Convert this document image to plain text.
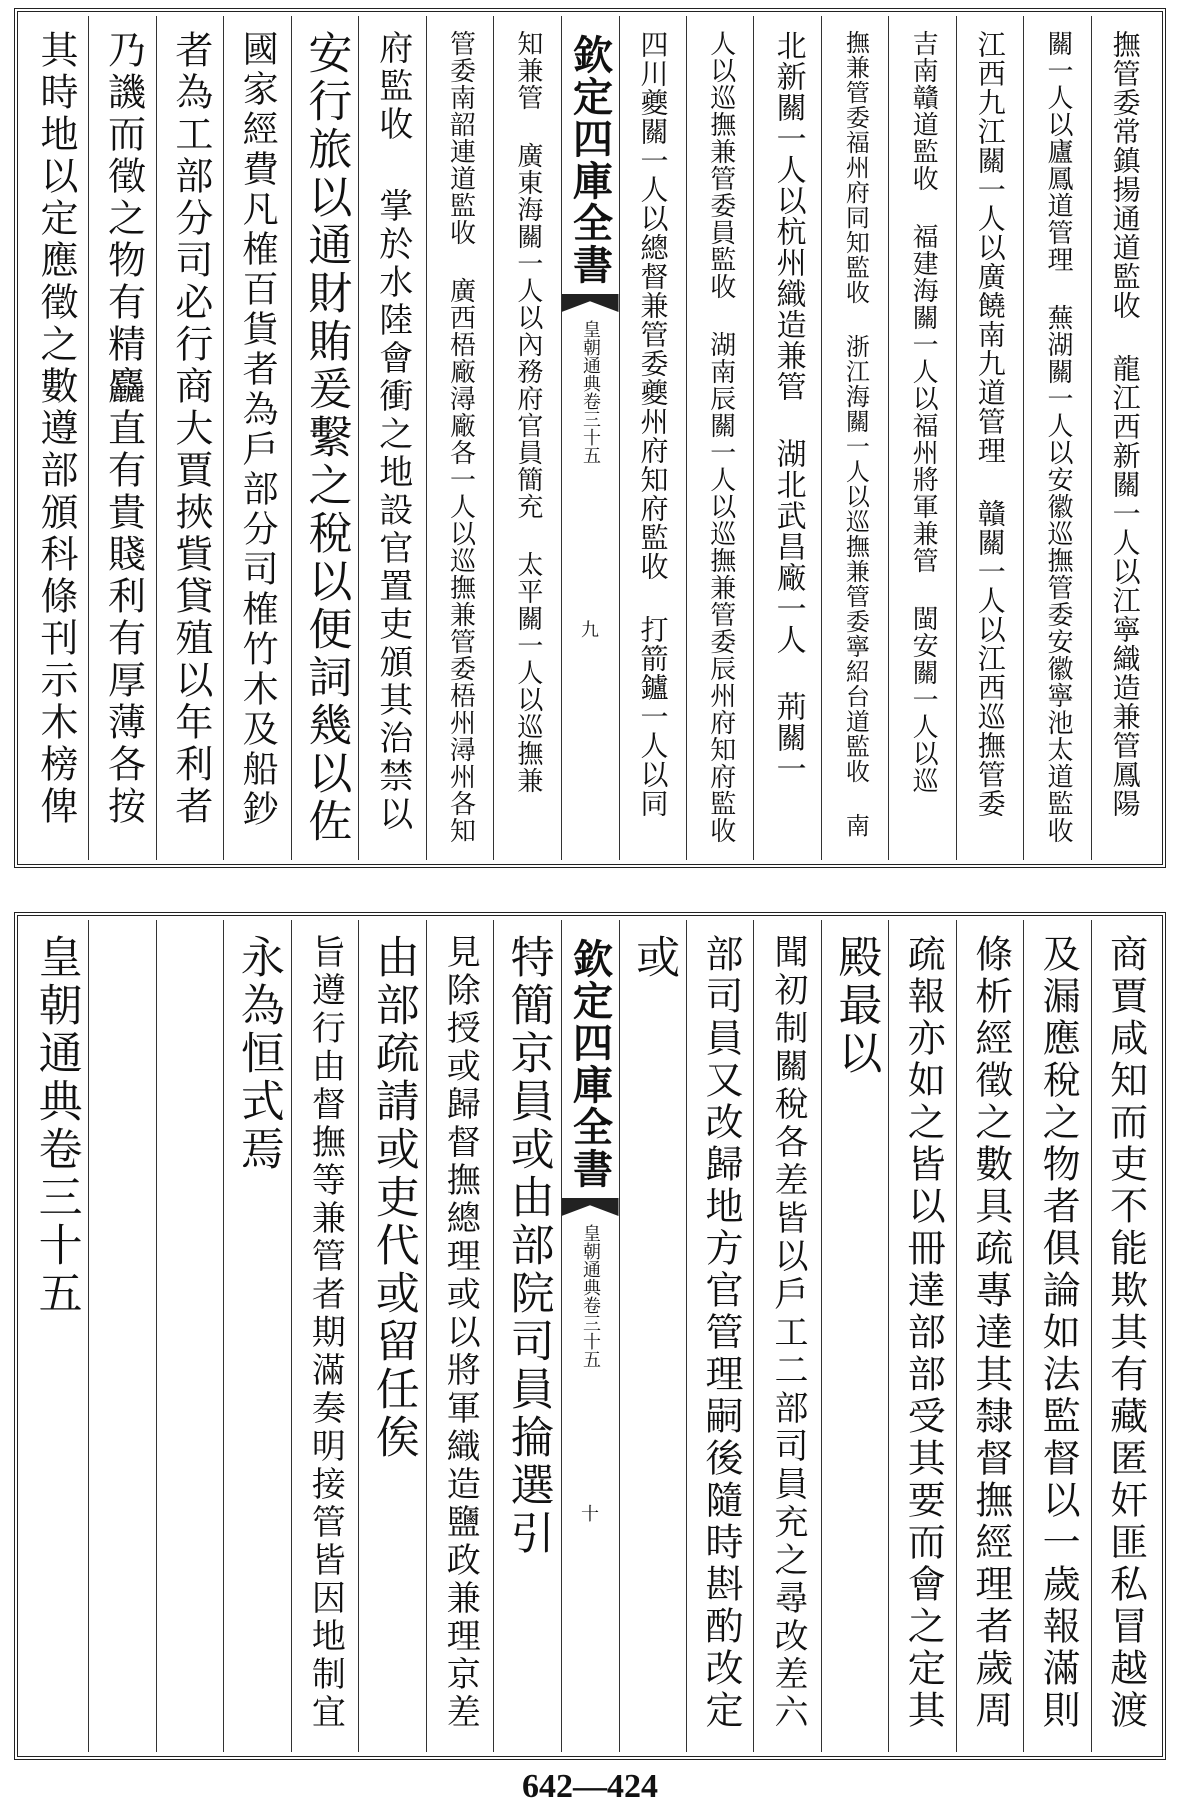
撫管委常鎮揚通道監收 龍江西新關一人以江寧織造兼管鳳陽
關一人以廬鳳道管理 蕪湖關一人以安徽巡撫管委安徽寧池太道監收
江西九江關一人以廣饒南九道管理 贛關一人以江西巡撫管委
吉南贛道監收 福建海關一人以福州將軍兼管 閩安關一人以巡
撫兼管委福州府同知監收 浙江海關一人以巡撫兼管委寧紹台道監收 南
北新關一人以杭州織造兼管 湖北武昌廠一人 荊關一
人以巡撫兼管委員監收 湖南辰關一人以巡撫兼管委辰州府知府監收
四川夔關一人以總督兼管委夔州府知府監收 打箭鑪一人以同
欽定四庫全書
皇朝通典
卷三十五
九
知兼管 廣東海關一人以內務府官員簡充 太平關一人以巡撫兼
管委南韶連道監收 廣西梧廠潯廠各一人以巡撫兼管委梧州潯州各知
府監收 掌於水陸會衝之地設官置吏頒其治禁以
安行旅以通財賄爰繫之稅以便詞幾以佐
國家經費凡榷百貨者為戶部分司榷竹木及船鈔
者為工部分司必行商大賈挾貲貸殖以年利者
乃譏而徵之物有精麤直有貴賤利有厚薄各按
其時地以定應徵之數遵部頒科條刊示木榜俾
商賈咸知而吏不能欺其有藏匿奸匪私冒越渡
及漏應稅之物者俱論如法監督以一歲報滿則
條析經徵之數具疏專達其隸督撫經理者歲周
疏報亦如之皆以冊達部部受其要而會之定其
殿最以
聞初制關稅各差皆以戶工二部司員充之尋改差六
部司員又改歸地方官管理嗣後隨時斟酌改定
或
欽定四庫全書
皇朝通典
卷三十五
十
特簡京員或由部院司員掄選引
見除授或歸督撫總理或以將軍織造鹽政兼理京差
由部疏請或吏代或留任俟
旨遵行由督撫等兼管者期滿奏明接管皆因地制宜
永為恒式焉
皇朝通典卷三十五
642—424
